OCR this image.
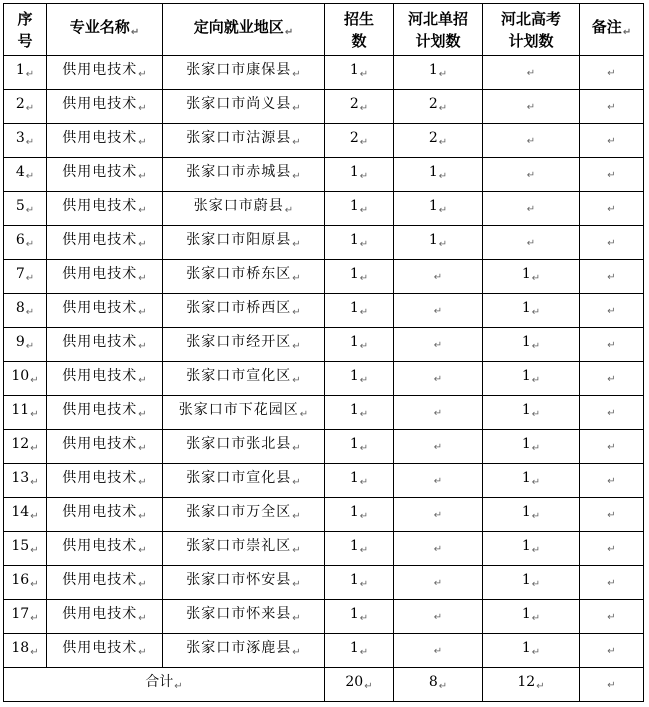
序号	专业名称$_↵$	定向就业地区$_↵$	招生数	河北单招计划数	河北高考计划数	备注$_↵$
$1_↵$	供用电技术$_↵$	张家口市康保县$_↵$	$1_↵$	$1_↵$	↵	↵
$2_↵$	供用电技术$_↵$	张家口市尚义县$_↵$	$2_↵$	$2_↵$	↵	↵
$3_↵$	供用电技术$_↵$	张家口市沽源县$_↵$	$2_↵$	$2_↵$	↵	↵
$4_↵$	供用电技术$_↵$	张家口市赤城县$_↵$	$1_↵$	$1_↵$	↵	↵
$5_↵$	供用电技术$_↵$	张家口市蔚县$_↵$	$1_↵$	$1_↵$	↵	↵
$6_↵$	供用电技术$_↵$	张家口市阳原县$_↵$	$1_↵$	$1_↵$	↵	↵
$7_↵$	供用电技术$_↵$	张家口市桥东区$_↵$	$1_↵$	↵	$1_↵$	↵
$8_↵$	供用电技术$_↵$	张家口市桥西区$_↵$	$1_↵$	↵	$1_↵$	↵
$9_↵$	供用电技术$_↵$	张家口市经开区$_↵$	$1_↵$	↵	$1_↵$	↵
$10_↵$	供用电技术$_↵$	张家口市宣化区$_↵$	$1_↵$	↵	$1_↵$	↵
$11_↵$	供用电技术$_↵$	张家口市下花园区$_↵$	$1_↵$	↵	$1_↵$	↵
$12_↵$	供用电技术$_↵$	张家口市张北县$_↵$	$1_↵$	↵	$1_↵$	↵
$13_↵$	供用电技术$_↵$	张家口市宣化县$_↵$	$1_↵$	↵	$1_↵$	↵
$14_↵$	供用电技术$_↵$	张家口市万全区$_↵$	$1_↵$	↵	$1_↵$	↵
$15_↵$	供用电技术$_↵$	张家口市崇礼区$_↵$	$1_↵$	↵	$1_↵$	↵
$16_↵$	供用电技术$_↵$	张家口市怀安县$_↵$	$1_↵$	↵	$1_↵$	↵
$17_↵$	供用电技术$_↵$	张家口市怀来县$_↵$	$1_↵$	↵	$1_↵$	↵
$18_↵$	供用电技术$_↵$	张家口市涿鹿县$_↵$	$1_↵$	↵	$1_↵$	↵
合计$_↵$			$20_↵$	$8_↵$	$12_↵$	↵
